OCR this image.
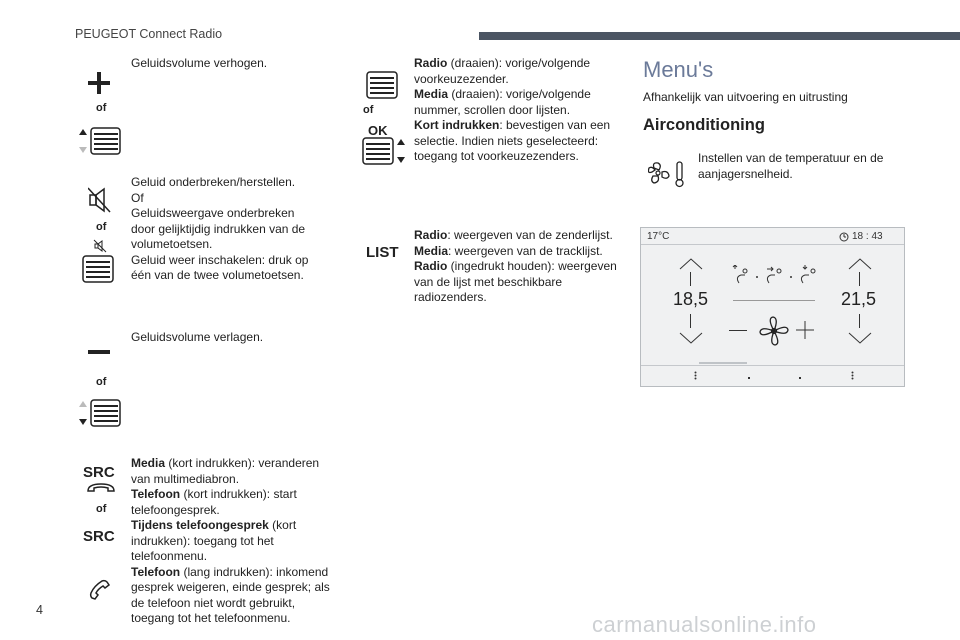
PEUGEOT Connect Radio
of
Geluidsvolume verhogen.
of
Geluid onderbreken/herstellen.
Of
Geluidsweergave onderbreken
door gelijktijdig indrukken van de
volumetoetsen.
Geluid weer inschakelen: druk op
één van de twee volumetoetsen.
of
Geluidsvolume verlagen.
SRC
of
SRC
Media (kort indrukken): veranderen van multimediabron.
Telefoon (kort indrukken): start telefoongesprek.
Tijdens telefoongesprek (kort indrukken): toegang tot het telefoonmenu.
Telefoon (lang indrukken): inkomend gesprek weigeren, einde gesprek; als de telefoon niet wordt gebruikt, toegang tot het telefoonmenu.
of
OK
Radio (draaien): vorige/volgende voorkeuzezender.
Media (draaien): vorige/volgende nummer, scrollen door lijsten.
Kort indrukken: bevestigen van een selectie. Indien niets geselecteerd: toegang tot voorkeuzezenders.
LIST
Radio: weergeven van de zenderlijst.
Media: weergeven van de tracklijst.
Radio (ingedrukt houden): weergeven van de lijst met beschikbare radiozenders.
Menu's
Afhankelijk van uitvoering en uitrusting
Airconditioning
Instellen van de temperatuur en de aanjagersnelheid.
17°C	18 : 43
18,5	21,5
4
carmanualsonline.info
